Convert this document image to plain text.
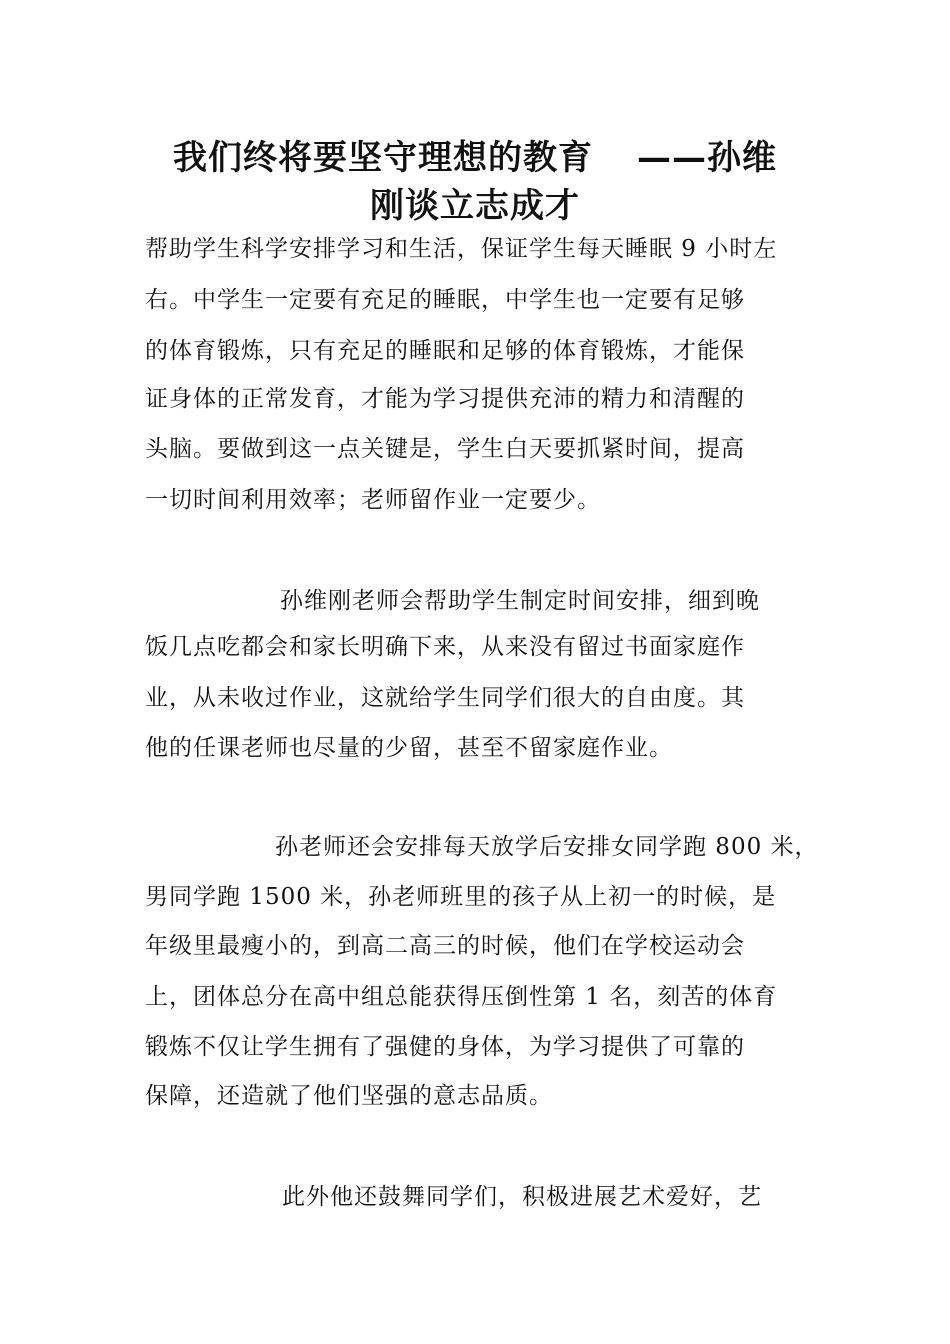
我们终将要坚守理想的教育 ——孙维
刚谈立志成才
帮助学生科学安排学习和生活，保证学生每天睡眠 9 小时左
右。中学生一定要有充足的睡眠，中学生也一定要有足够
的体育锻炼，只有充足的睡眠和足够的体育锻炼，才能保
证身体的正常发育，才能为学习提供充沛的精力和清醒的
头脑。要做到这一点关键是，学生白天要抓紧时间，提高
一切时间利用效率；老师留作业一定要少。
孙维刚老师会帮助学生制定时间安排，细到晚
饭几点吃都会和家长明确下来，从来没有留过书面家庭作
业，从未收过作业，这就给学生同学们很大的自由度。其
他的任课老师也尽量的少留，甚至不留家庭作业。
孙老师还会安排每天放学后安排女同学跑 800 米，
男同学跑 1500 米，孙老师班里的孩子从上初一的时候，是
年级里最瘦小的，到高二高三的时候，他们在学校运动会
上，团体总分在高中组总能获得压倒性第 1 名，刻苦的体育
锻炼不仅让学生拥有了强健的身体，为学习提供了可靠的
保障，还造就了他们坚强的意志品质。
此外他还鼓舞同学们，积极进展艺术爱好，艺
